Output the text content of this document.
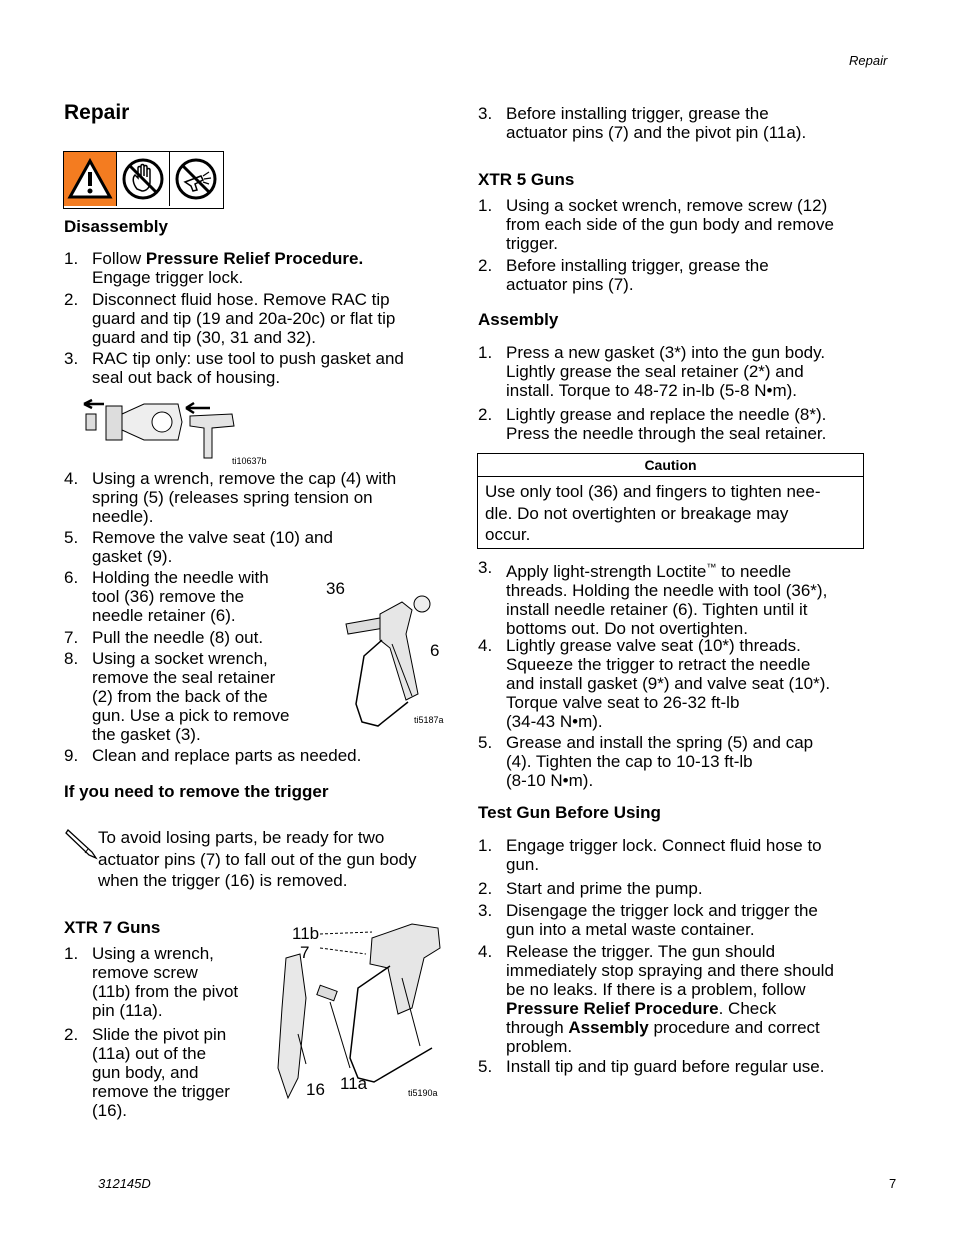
Repair
312145D	7
Repair
Disassembly
1. Follow Pressure Relief Procedure.
Engage trigger lock.
2. Disconnect fluid hose. Remove RAC tip
guard and tip (19 and 20a-20c) or flat tip
guard and tip (30, 31 and 32).
3. RAC tip only: use tool to push gasket and
seal out back of housing.
4. Using a wrench, remove the cap (4) with
spring (5) (releases spring tension on
needle).
5. Remove the valve seat (10) and
gasket (9).
6. Holding the needle with
tool (36) remove the
needle retainer (6).
7. Pull the needle (8) out.
8. Using a socket wrench,
remove the seal retainer
(2) from the back of the
gun. Use a pick to remove
the gasket (3).
9. Clean and replace parts as needed.
ti10637b
36
6
ti5187a
If you need to remove the trigger
To avoid losing parts, be ready for two
actuator pins (7) to fall out of the gun body
when the trigger (16) is removed.
XTR 7 Guns
1. Using a wrench,
remove screw
(11b) from the pivot
pin (11a).
2. Slide the pivot pin
(11a) out of the
gun body, and
remove the trigger
(16).
11b
7
16 11a	ti5190a
3. Before installing trigger, grease the
actuator pins (7) and the pivot pin (11a).
XTR 5 Guns
1. Using a socket wrench, remove screw (12)
from each side of the gun body and remove
trigger.
2. Before installing trigger, grease the
actuator pins (7).
Assembly
1. Press a new gasket (3*) into the gun body.
Lightly grease the seal retainer (2*) and
install. Torque to 48-72 in-lb (5-8 N•m).
2. Lightly grease and replace the needle (8*).
Press the needle through the seal retainer.
3. Apply light-strength Loctite™ to needle
threads. Holding the needle with tool (36*),
install needle retainer (6). Tighten until it
bottoms out. Do not overtighten.
4. Lightly grease valve seat (10*) threads.
Squeeze the trigger to retract the needle
and install gasket (9*) and valve seat (10*).
Torque valve seat to 26-32 ft-lb
(34-43 N•m).
5. Grease and install the spring (5) and cap
(4). Tighten the cap to 10-13 ft-lb
(8-10 N•m).
Caution
Use only tool (36) and fingers to tighten nee-
dle. Do not overtighten or breakage may
occur.
Test Gun Before Using
1. Engage trigger lock. Connect fluid hose to
gun.
2. Start and prime the pump.
3. Disengage the trigger lock and trigger the
gun into a metal waste container.
5. Install tip and tip guard before regular use.
4. Release the trigger. The gun should
immediately stop spraying and there should
be no leaks. If there is a problem, follow
Pressure Relief Procedure. Check
through Assembly procedure and correct
problem.
